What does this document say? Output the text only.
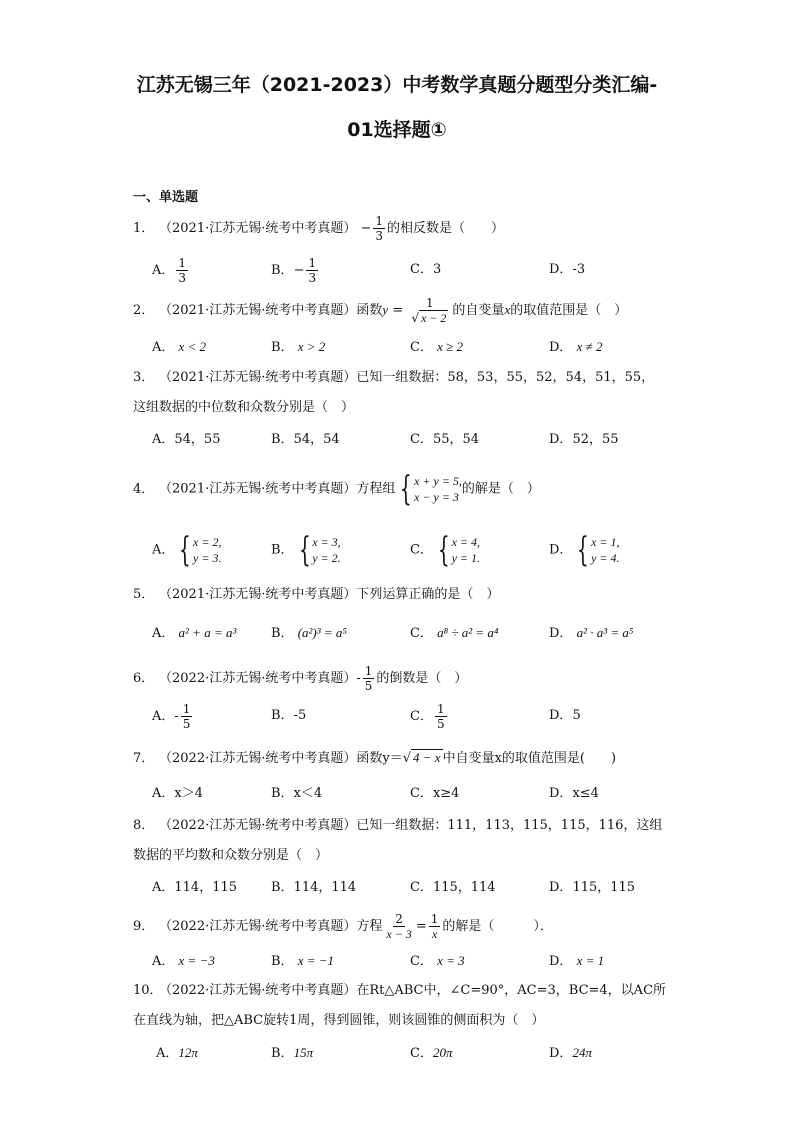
江苏无锡三年（2021-2023）中考数学真题分题型分类汇编-
01选择题①
一、单选题
1． （2021·江苏无锡·统考中考真题） − $\frac{1}{3}$ 的相反数是（　　）
A． $\frac{1}{3}$	B．− $\frac{1}{3}$	C．3	D．-3
2． （2021·江苏无锡·统考中考真题）函数$y = \frac{1}{√ x - 2}$ 的自变量x的取值范围是（　）
A． x < 2	B． x > 2	C． x ≥ 2	D． x ≠ 2
3． （2021·江苏无锡·统考中考真题）已知一组数据：58，53，55，52，54，51，55，
这组数据的中位数和众数分别是（　）
A．54，55	B．54，54	C．55，54	D．52，55
4． （2021·江苏无锡·统考中考真题）方程组 { x + y = 5,
x − y = 3
的解是（　）
A． { x = 2,
y = 3.
B． { x = 3,
y = 2.
C． { x = 4,
y = 1.
D． { x = 1,
y = 4.
5． （2021·江苏无锡·统考中考真题）下列运算正确的是（　）
A． a² + a = a³	B． (a²)³ = a⁵	C． a⁸ ÷ a² = a⁴	D． a² · a³ = a⁵
6． （2022·江苏无锡·统考中考真题）- $\frac{1}{5}$ 的倒数是（　）
A．- $\frac{1}{5}$	B．-5	C． $\frac{1}{5}$	D．5
7． （2022·江苏无锡·统考中考真题）函数y＝√ 4 − x 中自变量x的取值范围是(　　)
A．x＞4	B．x＜4	C．x≥4	D．x≤4
8． （2022·江苏无锡·统考中考真题）已知一组数据：111，113，115，115，116，这组
数据的平均数和众数分别是（　）
A．114，115	B．114，114	C．115，114	D．115，115
9． （2022·江苏无锡·统考中考真题）方程 $\frac{2}{x - 3} = \frac{1}{x}$ 的解是（　　　）．
A． x = −3	B． x = −1	C． x = 3	D． x = 1
10．（2022·江苏无锡·统考中考真题）在Rt△ABC中，∠C=90°，AC=3，BC=4，以AC所
在直线为轴，把△ABC旋转1周，得到圆锥，则该圆锥的侧面积为（　）
A．12π	B．15π	C．20π	D．24π
